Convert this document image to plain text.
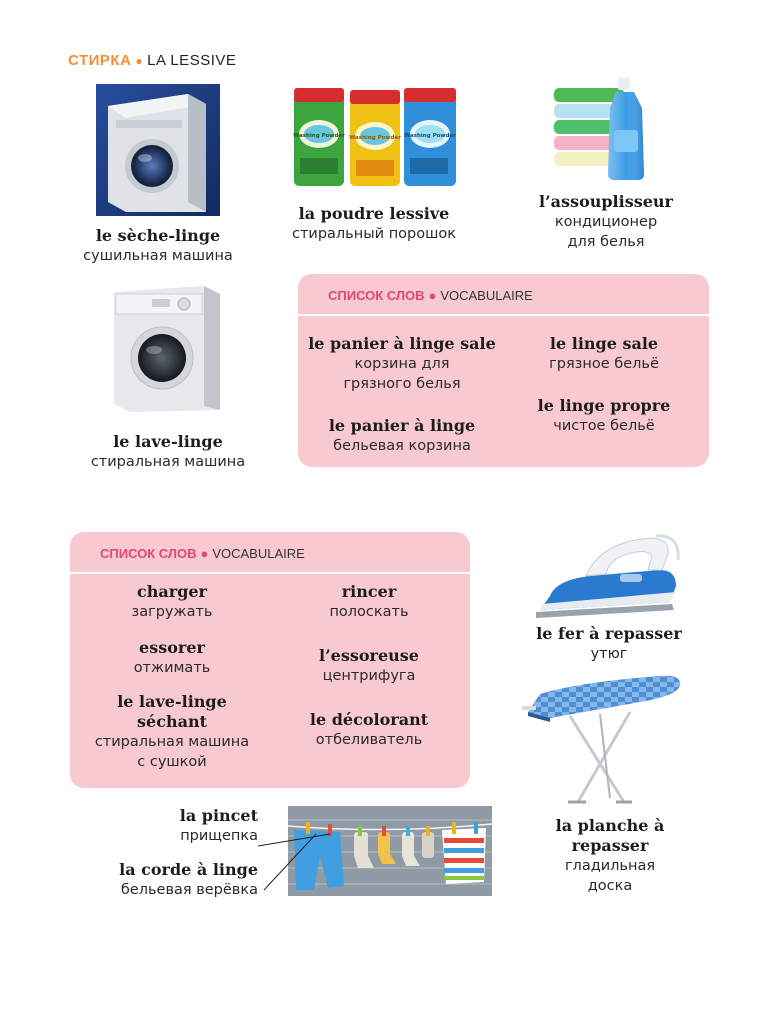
СТИРКА ● LA LESSIVE
le sèche-linge
сушильная машина
Washing Powder Washing Powder Washing Powder
la poudre lessive
стиральный порошок
l’assouplisseur
кондиционер
для белья
le lave-linge
стиральная машина
СПИСОК СЛОВ ● VOCABULAIRE
le panier à linge sale
корзина для
грязного белья
le panier à linge
бельевая корзина
le linge sale
грязное бельё
le linge propre
чистое бельё
СПИСОК СЛОВ ● VOCABULAIRE
charger
загружать
essorer
отжимать
le lave-linge
séchant
стиральная машина
с сушкой
rincer
полоскать
l’essoreuse
центрифуга
le décolorant
отбеливатель
le fer à repasser
утюг
la planche à
repasser
гладильная
доска
la pincet
прищепка
la corde à linge
бельевая верёвка
